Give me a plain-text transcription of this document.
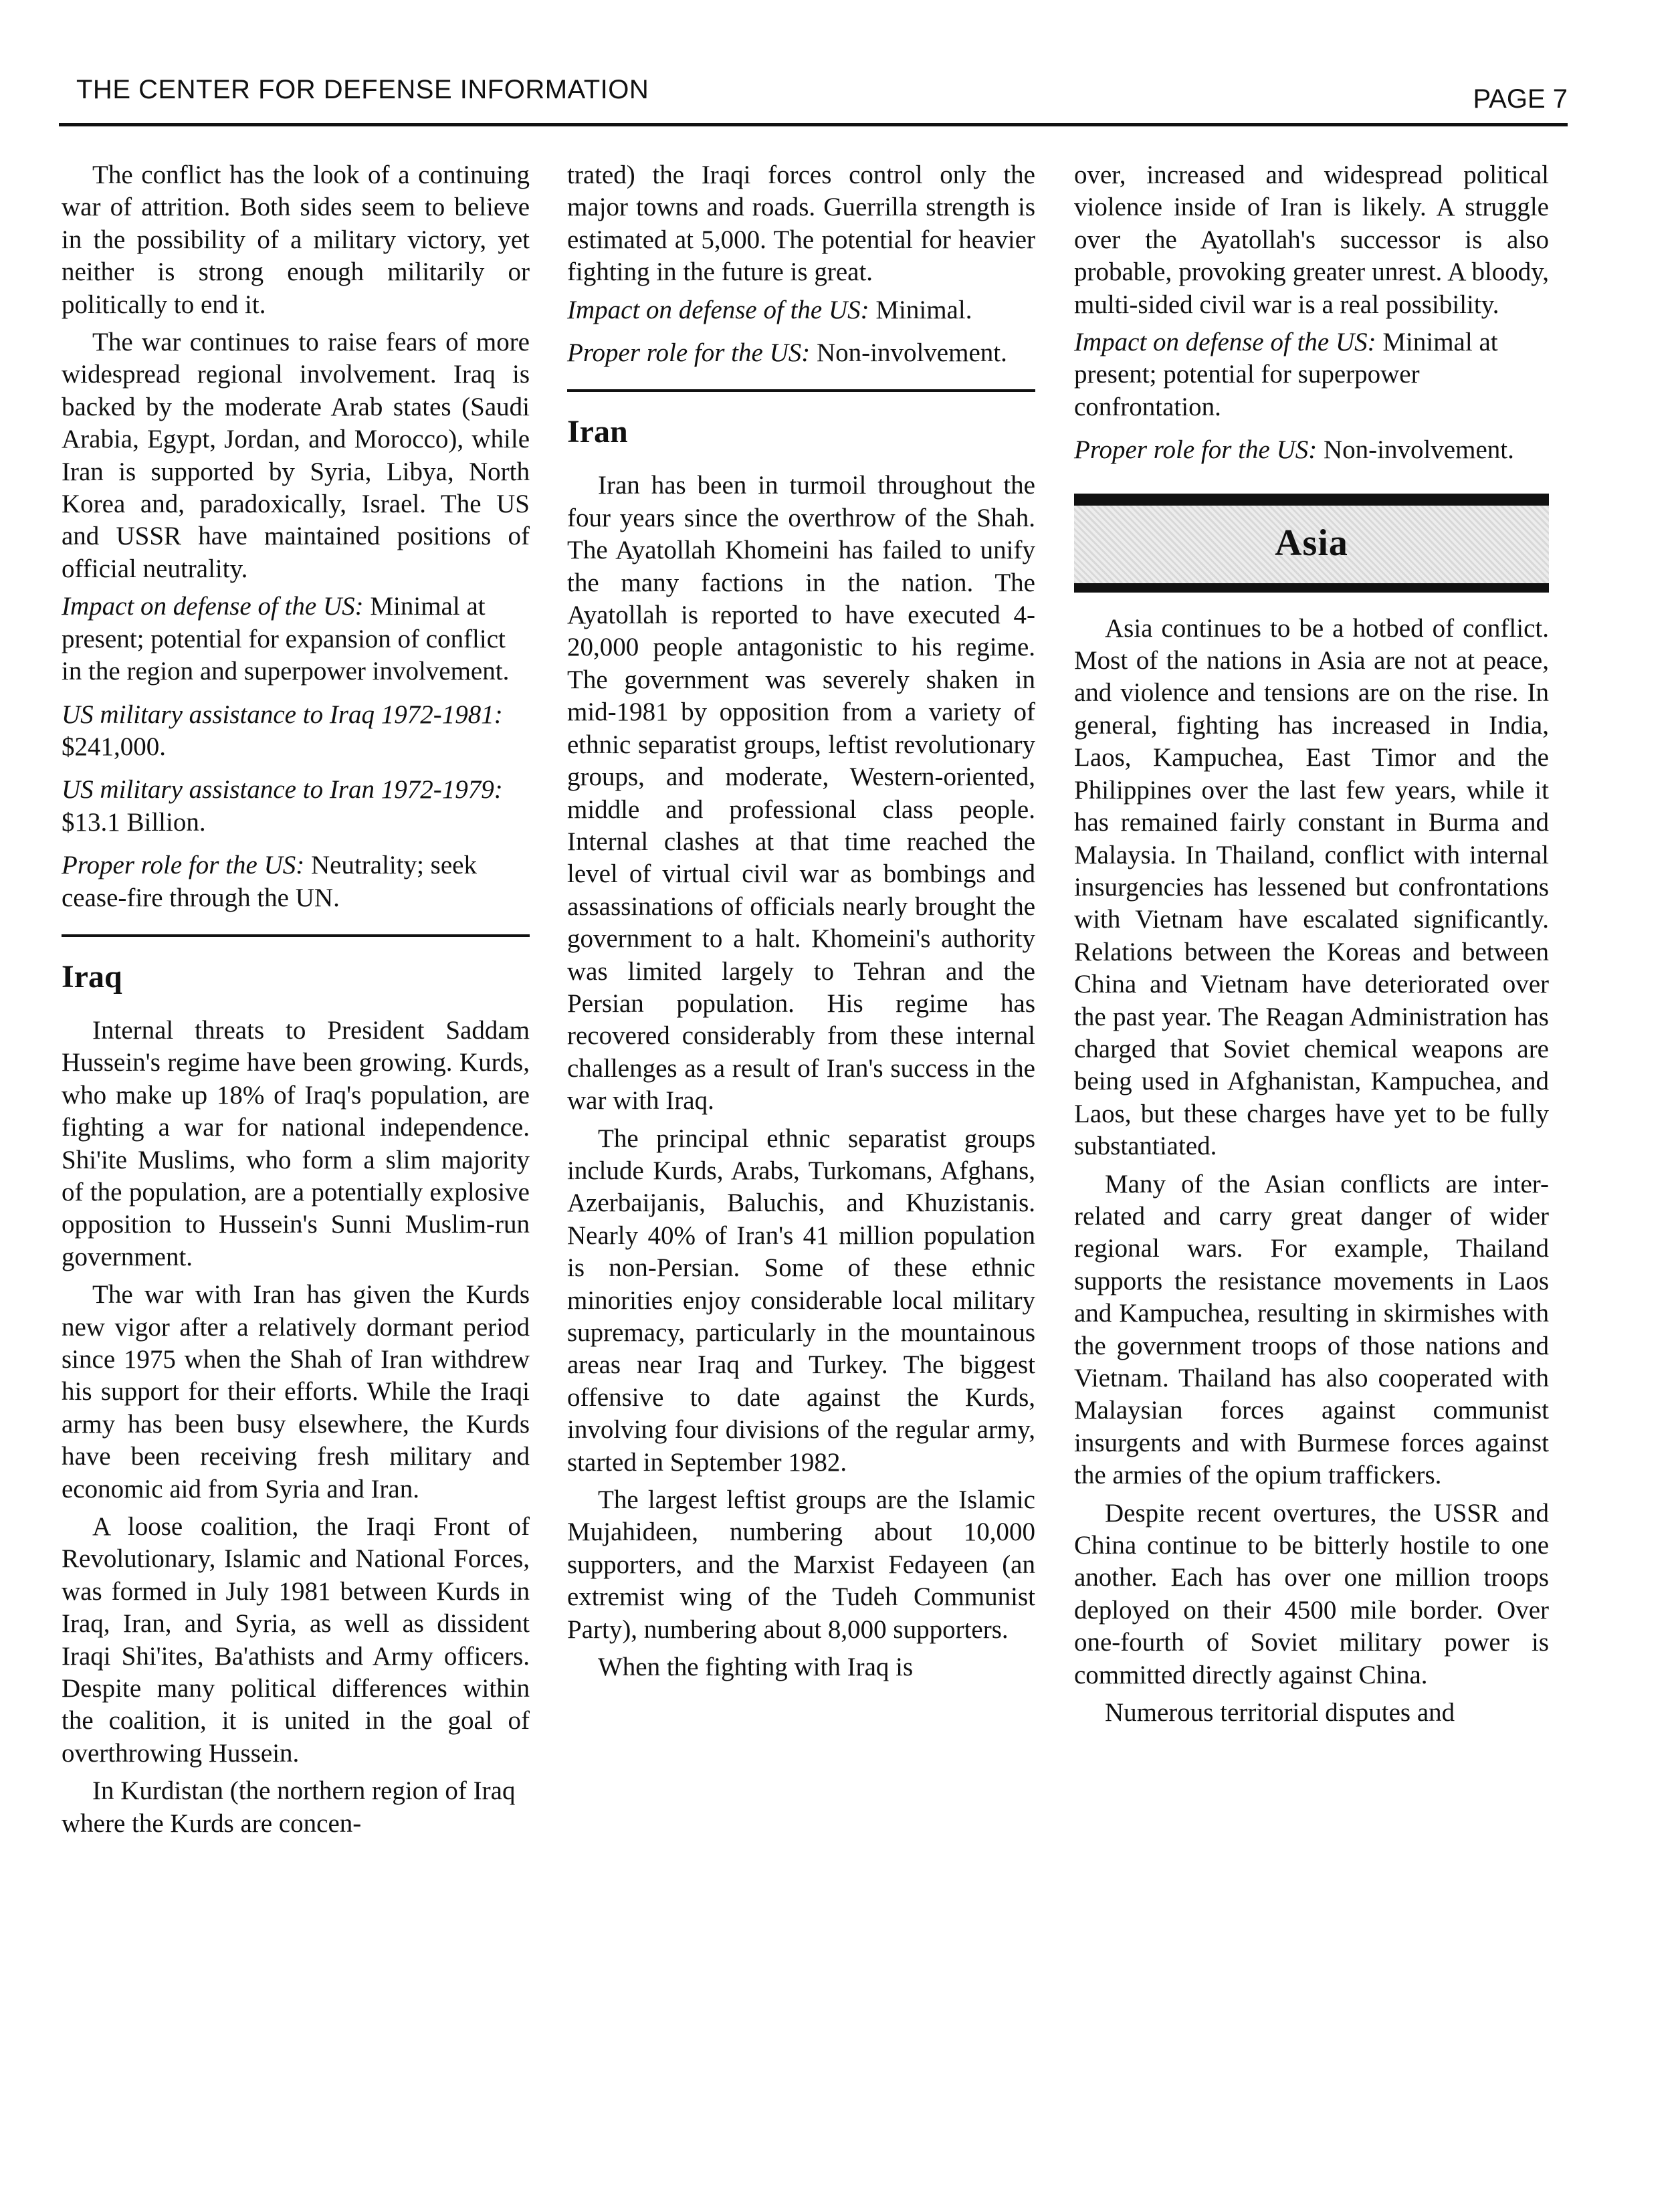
THE CENTER FOR DEFENSE INFORMATION	PAGE 7

The conflict has the look of a continuing war of attrition. Both sides seem to believe in the possibility of a military victory, yet neither is strong enough militarily or politically to end it.

The war continues to raise fears of more widespread regional involvement. Iraq is backed by the moderate Arab states (Saudi Arabia, Egypt, Jordan, and Morocco), while Iran is supported by Syria, Libya, North Korea and, paradoxically, Israel. The US and USSR have maintained positions of official neutrality.

Impact on defense of the US: Minimal at present; potential for expansion of conflict in the region and superpower involvement.

US military assistance to Iraq 1972-1981: $241,000.

US military assistance to Iran 1972-1979: $13.1 Billion.

Proper role for the US: Neutrality; seek cease-fire through the UN.

Iraq

Internal threats to President Saddam Hussein's regime have been growing. Kurds, who make up 18% of Iraq's population, are fighting a war for national independence. Shi'ite Muslims, who form a slim majority of the population, are a potentially explosive opposition to Hussein's Sunni Muslim-run government.

The war with Iran has given the Kurds new vigor after a relatively dormant period since 1975 when the Shah of Iran withdrew his support for their efforts. While the Iraqi army has been busy elsewhere, the Kurds have been receiving fresh military and economic aid from Syria and Iran.

A loose coalition, the Iraqi Front of Revolutionary, Islamic and National Forces, was formed in July 1981 between Kurds in Iraq, Iran, and Syria, as well as dissident Iraqi Shi'ites, Ba'athists and Army officers. Despite many political differences within the coalition, it is united in the goal of overthrowing Hussein.

In Kurdistan (the northern region of Iraq where the Kurds are concen-

trated) the Iraqi forces control only the major towns and roads. Guerrilla strength is estimated at 5,000. The potential for heavier fighting in the future is great.

Impact on defense of the US: Minimal.

Proper role for the US: Non-involvement.

Iran

Iran has been in turmoil throughout the four years since the overthrow of the Shah. The Ayatollah Khomeini has failed to unify the many factions in the nation. The Ayatollah is reported to have executed 4-20,000 people antagonistic to his regime. The government was severely shaken in mid-1981 by opposition from a variety of ethnic separatist groups, leftist revolutionary groups, and moderate, Western-oriented, middle and professional class people. Internal clashes at that time reached the level of virtual civil war as bombings and assassinations of officials nearly brought the government to a halt. Khomeini's authority was limited largely to Tehran and the Persian population. His regime has recovered considerably from these internal challenges as a result of Iran's success in the war with Iraq.

The principal ethnic separatist groups include Kurds, Arabs, Turkomans, Afghans, Azerbaijanis, Baluchis, and Khuzistanis. Nearly 40% of Iran's 41 million population is non-Persian. Some of these ethnic minorities enjoy considerable local military supremacy, particularly in the mountainous areas near Iraq and Turkey. The biggest offensive to date against the Kurds, involving four divisions of the regular army, started in September 1982.

The largest leftist groups are the Islamic Mujahideen, numbering about 10,000 supporters, and the Marxist Fedayeen (an extremist wing of the Tudeh Communist Party), numbering about 8,000 supporters.

When the fighting with Iraq is

over, increased and widespread political violence inside of Iran is likely. A struggle over the Ayatollah's successor is also probable, provoking greater unrest. A bloody, multi-sided civil war is a real possibility.

Impact on defense of the US: Minimal at present; potential for superpower confrontation.

Proper role for the US: Non-involvement.

Asia

Asia continues to be a hotbed of conflict. Most of the nations in Asia are not at peace, and violence and tensions are on the rise. In general, fighting has increased in India, Laos, Kampuchea, East Timor and the Philippines over the last few years, while it has remained fairly constant in Burma and Malaysia. In Thailand, conflict with internal insurgencies has lessened but confrontations with Vietnam have escalated significantly. Relations between the Koreas and between China and Vietnam have deteriorated over the past year. The Reagan Administration has charged that Soviet chemical weapons are being used in Afghanistan, Kampuchea, and Laos, but these charges have yet to be fully substantiated.

Many of the Asian conflicts are inter-related and carry great danger of wider regional wars. For example, Thailand supports the resistance movements in Laos and Kampuchea, resulting in skirmishes with the government troops of those nations and Vietnam. Thailand has also cooperated with Malaysian forces against communist insurgents and with Burmese forces against the armies of the opium traffickers.

Despite recent overtures, the USSR and China continue to be bitterly hostile to one another. Each has over one million troops deployed on their 4500 mile border. Over one-fourth of Soviet military power is committed directly against China.

Numerous territorial disputes and
